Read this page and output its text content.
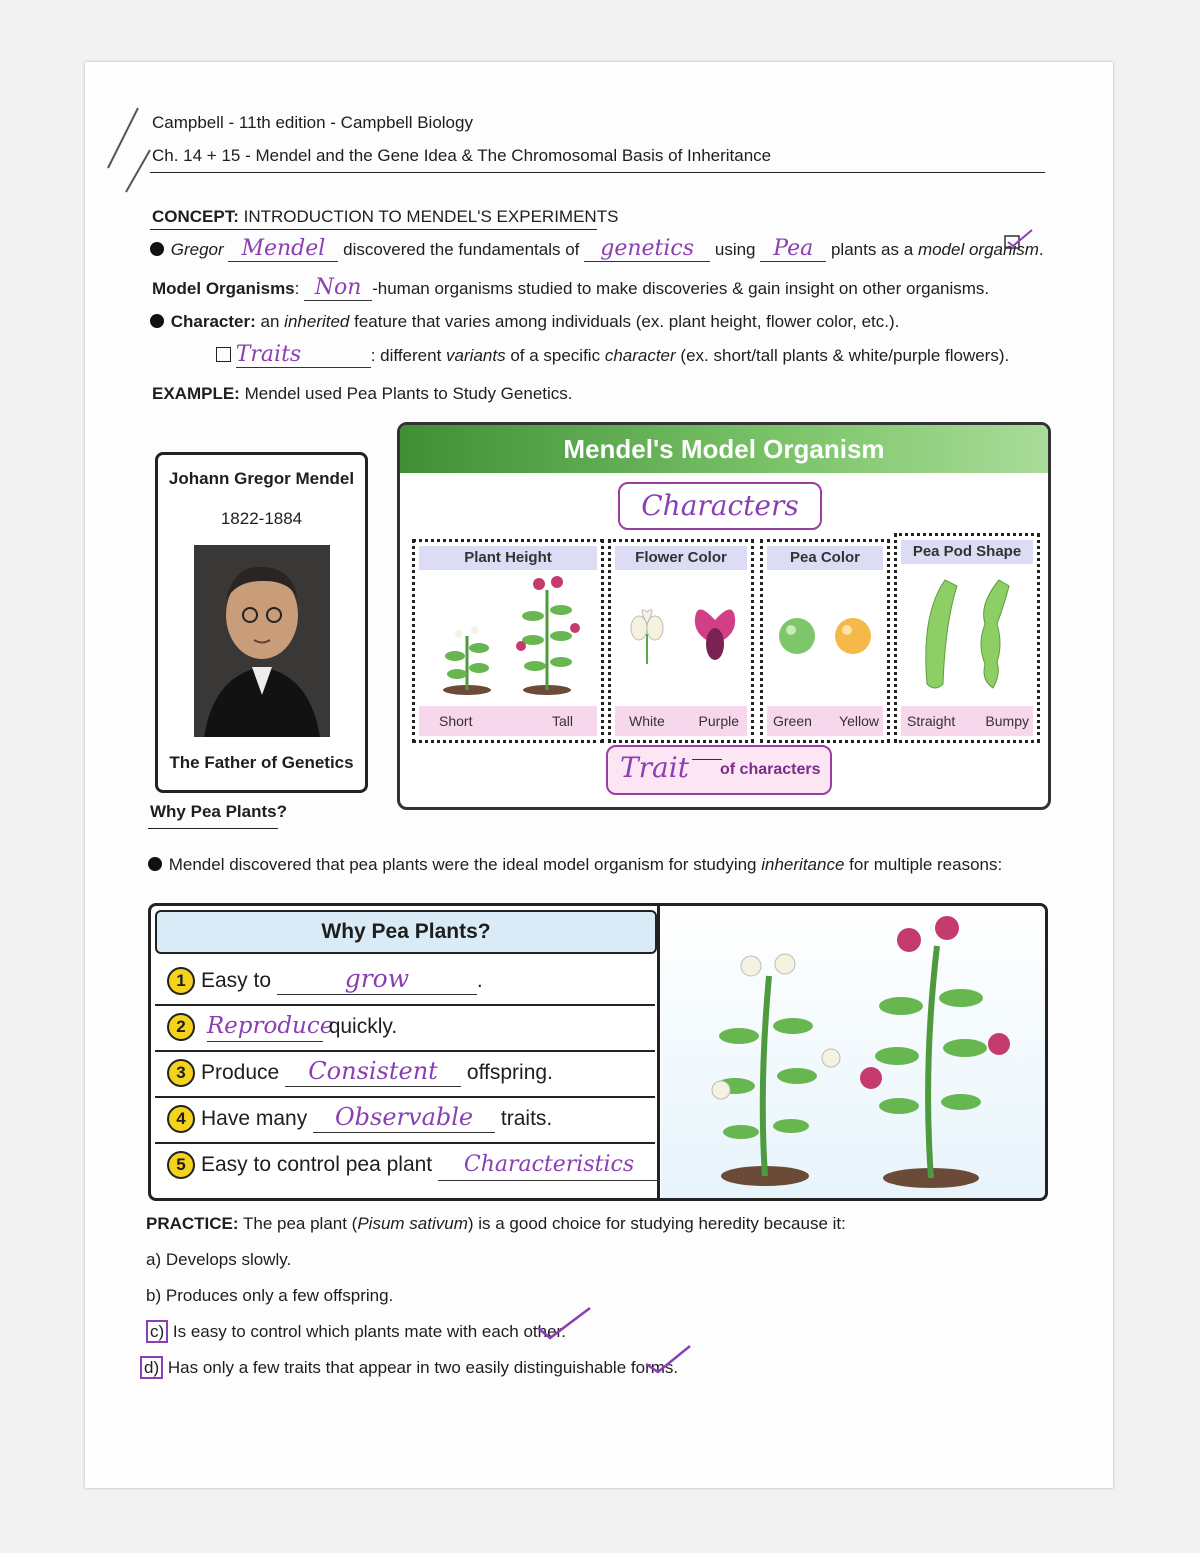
Campbell - 11th edition - Campbell Biology
Ch. 14 + 15 - Mendel and the Gene Idea & The Chromosomal Basis of Inheritance
CONCEPT: INTRODUCTION TO MENDEL'S EXPERIMENTS
Gregor Mendel discovered the fundamentals of genetics using Pea plants as a model organism.
Model Organisms: Non -human organisms studied to make discoveries & gain insight on other organisms.
Character: an inherited feature that varies among individuals (ex. plant height, flower color, etc.).
Traits	: different variants of a specific character (ex. short/tall plants & white/purple flowers).
EXAMPLE: Mendel used Pea Plants to Study Genetics.
Johann Gregor Mendel
1822-1884
The Father of Genetics
Mendel's Model Organism
Characters
Plant Height
Short	Tall
Flower Color
White Purple
Pea Color
Green Yellow
Pea Pod Shape
Straight Bumpy
Trait of characters
Why Pea Plants?
Mendel discovered that pea plants were the ideal model organism for studying inheritance for multiple reasons:
Why Pea Plants?
1 Easy to	grow	.
2 Reproduce quickly.
3 Produce Consistent offspring.
4 Have many Observable traits.
5 Easy to control pea plant Characteristics
PRACTICE: The pea plant (Pisum sativum) is a good choice for studying heredity because it:
a) Develops slowly.
b) Produces only a few offspring.
c) Is easy to control which plants mate with each other.
d) Has only a few traits that appear in two easily distinguishable forms.
